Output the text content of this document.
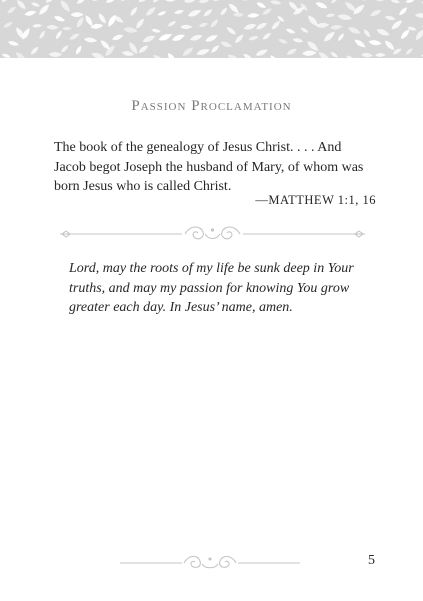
Passion Proclamation
The book of the genealogy of Jesus Christ. . . . And Jacob begot Joseph the husband of Mary, of whom was born Jesus who is called Christ.
—MATTHEW 1:1, 16
Lord, may the roots of my life be sunk deep in Your truths, and may my passion for knowing You grow greater each day. In Jesus’ name, amen.
5
